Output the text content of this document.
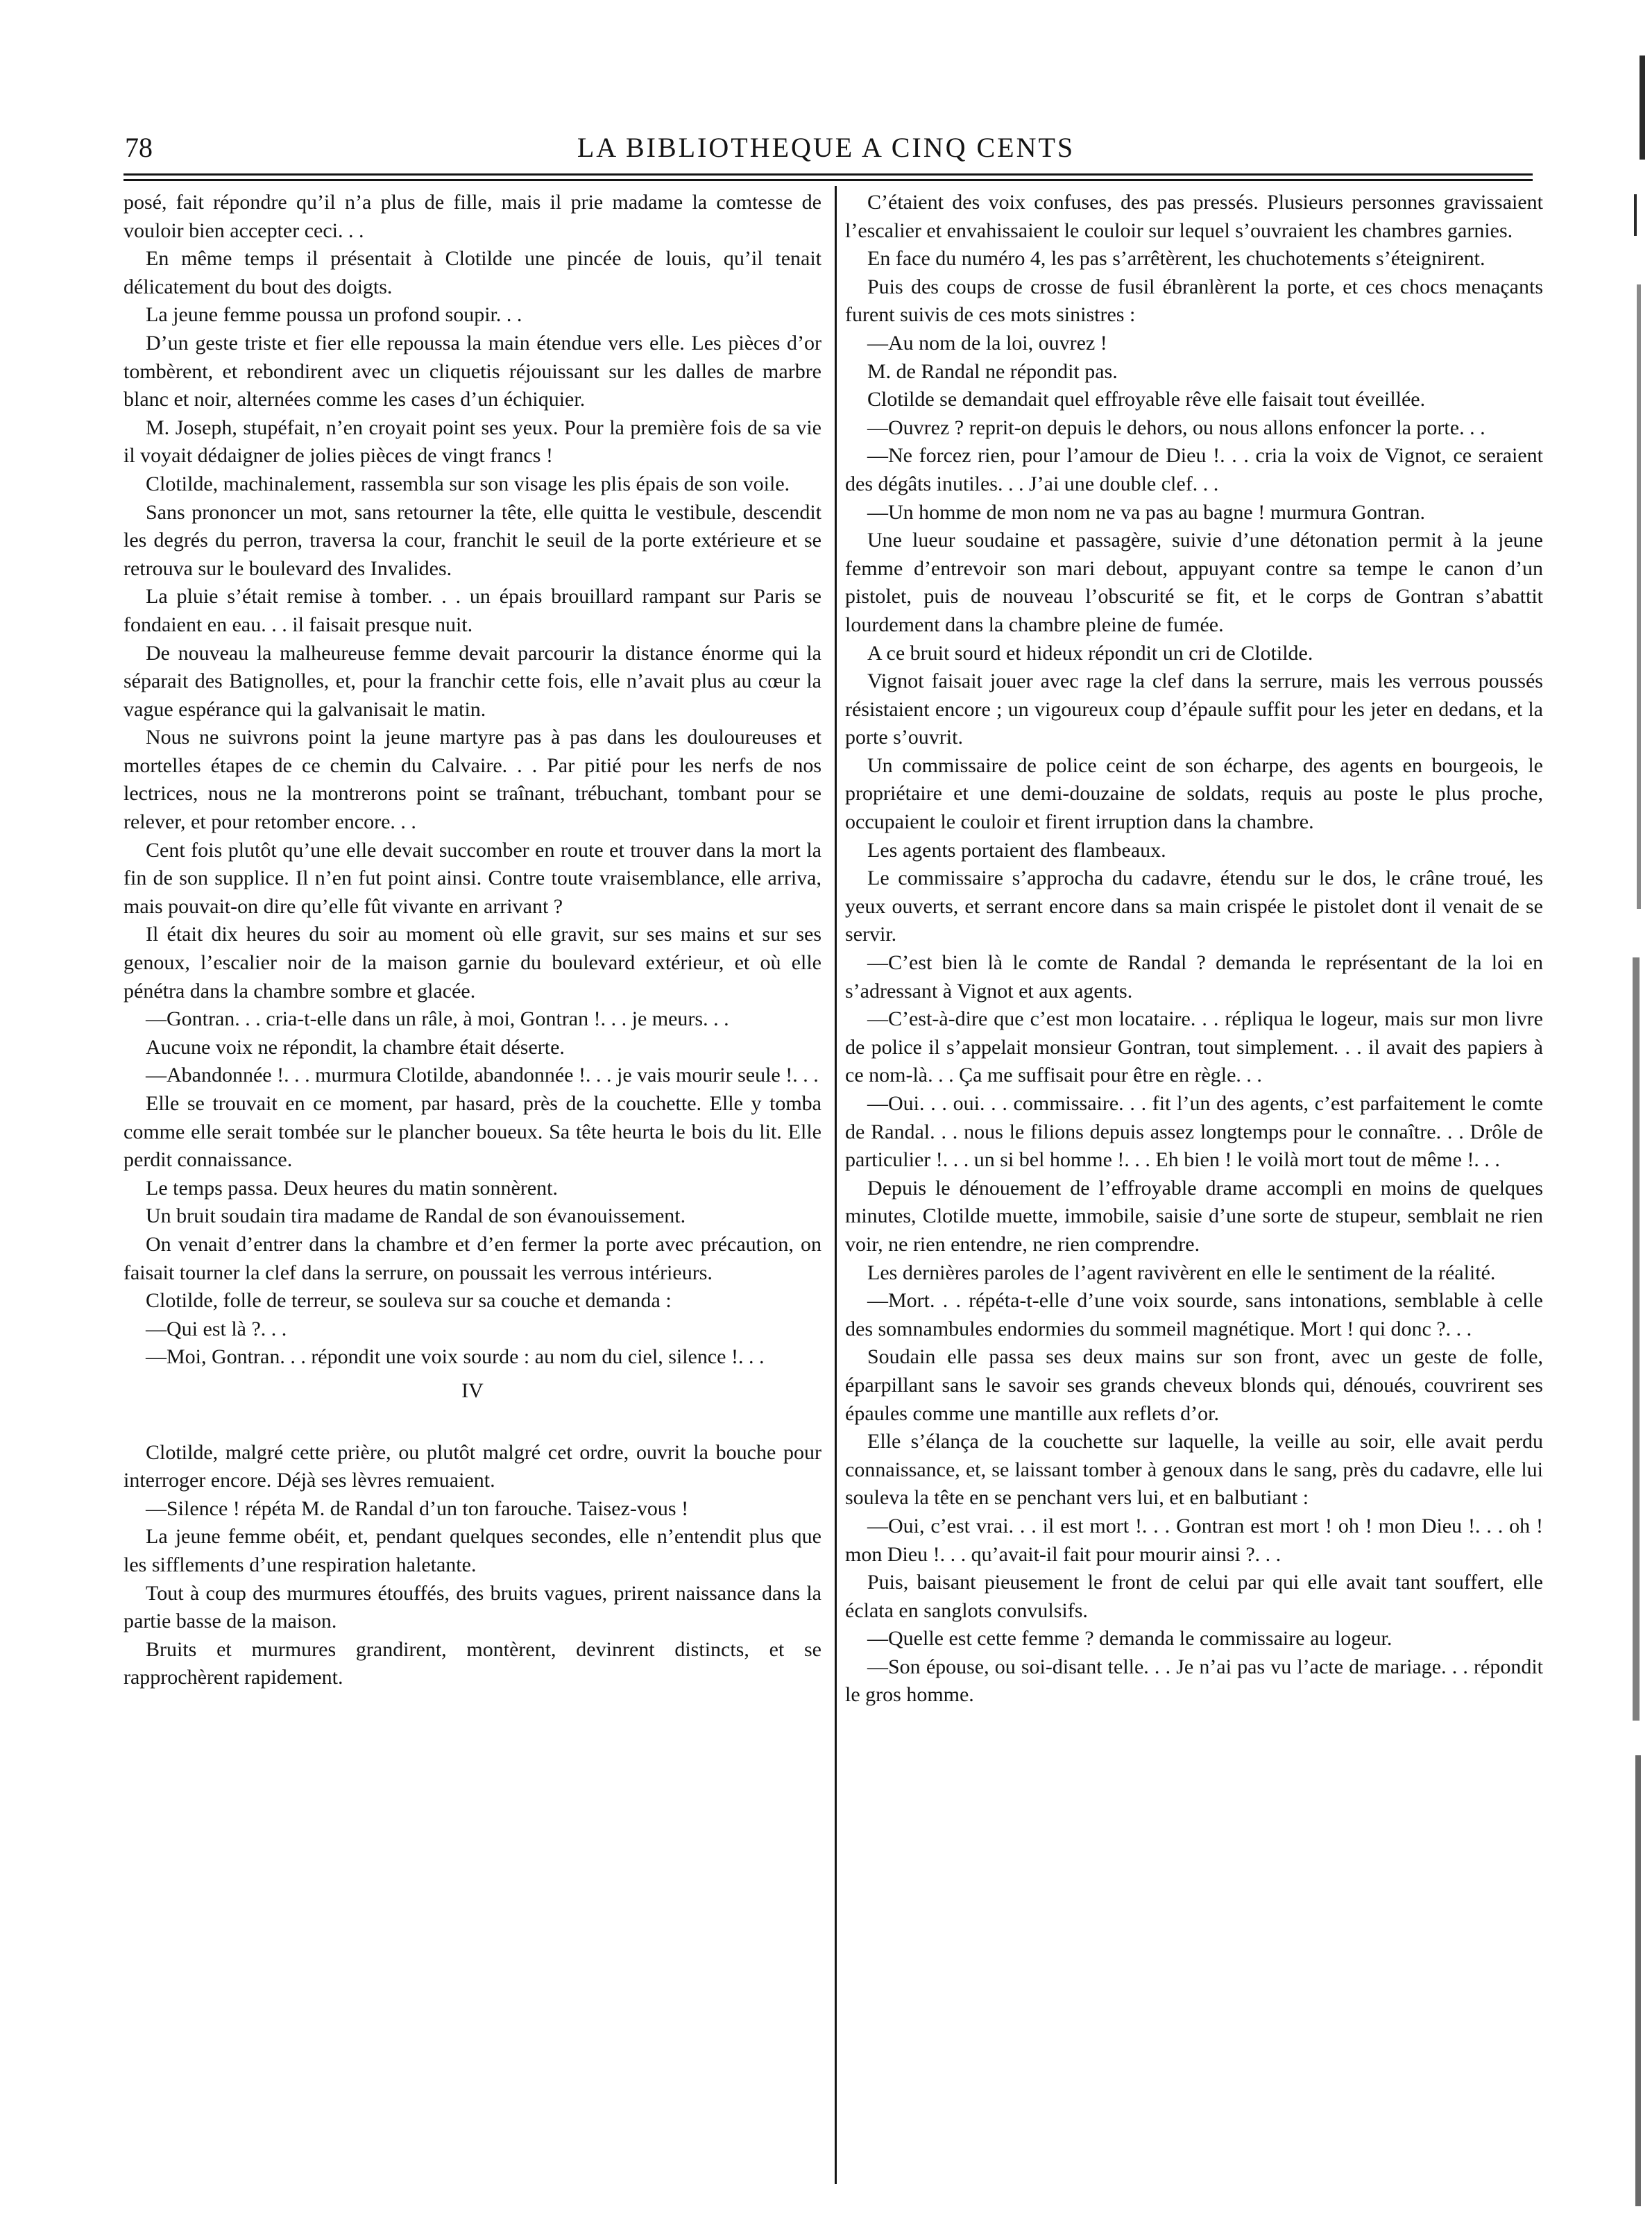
78	LA BIBLIOTHEQUE A CINQ CENTS

posé, fait répondre qu’il n’a plus de fille, mais il prie madame la comtesse de vouloir bien accepter ceci. . .

En même temps il présentait à Clotilde une pincée de louis, qu’il tenait délicatement du bout des doigts.

La jeune femme poussa un profond soupir. . .

D’un geste triste et fier elle repoussa la main étendue vers elle. Les pièces d’or tombèrent, et rebondirent avec un cliquetis réjouissant sur les dalles de marbre blanc et noir, alternées comme les cases d’un échiquier.

M. Joseph, stupéfait, n’en croyait point ses yeux. Pour la première fois de sa vie il voyait dédaigner de jolies pièces de vingt francs !

Clotilde, machinalement, rassembla sur son visage les plis épais de son voile.

Sans prononcer un mot, sans retourner la tête, elle quitta le vestibule, descendit les degrés du perron, traversa la cour, franchit le seuil de la porte extérieure et se retrouva sur le boulevard des Invalides.

La pluie s’était remise à tomber. . . un épais brouillard rampant sur Paris se fondaient en eau. . . il faisait presque nuit.

De nouveau la malheureuse femme devait parcourir la distance énorme qui la séparait des Batignolles, et, pour la franchir cette fois, elle n’avait plus au cœur la vague espérance qui la galvanisait le matin.

Nous ne suivrons point la jeune martyre pas à pas dans les douloureuses et mortelles étapes de ce chemin du Calvaire. . . Par pitié pour les nerfs de nos lectrices, nous ne la montrerons point se traînant, trébuchant, tombant pour se relever, et pour retomber encore. . .

Cent fois plutôt qu’une elle devait succomber en route et trouver dans la mort la fin de son supplice. Il n’en fut point ainsi. Contre toute vraisemblance, elle arriva, mais pouvait-on dire qu’elle fût vivante en arrivant ?

Il était dix heures du soir au moment où elle gravit, sur ses mains et sur ses genoux, l’escalier noir de la maison garnie du boulevard extérieur, et où elle pénétra dans la chambre sombre et glacée.

—Gontran. . . cria-t-elle dans un râle, à moi, Gontran !. . . je meurs. . .

Aucune voix ne répondit, la chambre était déserte.

—Abandonnée !. . . murmura Clotilde, abandonnée !. . . je vais mourir seule !. . .

Elle se trouvait en ce moment, par hasard, près de la couchette. Elle y tomba comme elle serait tombée sur le plancher boueux. Sa tête heurta le bois du lit. Elle perdit connaissance.

Le temps passa. Deux heures du matin sonnèrent.

Un bruit soudain tira madame de Randal de son évanouissement.

On venait d’entrer dans la chambre et d’en fermer la porte avec précaution, on faisait tourner la clef dans la serrure, on poussait les verrous intérieurs.

Clotilde, folle de terreur, se souleva sur sa couche et demanda :

—Qui est là ?. . .

—Moi, Gontran. . . répondit une voix sourde : au nom du ciel, silence !. . .

IV

Clotilde, malgré cette prière, ou plutôt malgré cet ordre, ouvrit la bouche pour interroger encore. Déjà ses lèvres remuaient.

—Silence ! répéta M. de Randal d’un ton farouche. Taisez-vous !

La jeune femme obéit, et, pendant quelques secondes, elle n’entendit plus que les sifflements d’une respiration haletante.

Tout à coup des murmures étouffés, des bruits vagues, prirent naissance dans la partie basse de la maison.

Bruits et murmures grandirent, montèrent, devinrent distincts, et se rapprochèrent rapidement.

C’étaient des voix confuses, des pas pressés. Plusieurs personnes gravissaient l’escalier et envahissaient le couloir sur lequel s’ouvraient les chambres garnies.

En face du numéro 4, les pas s’arrêtèrent, les chuchotements s’éteignirent.

Puis des coups de crosse de fusil ébranlèrent la porte, et ces chocs menaçants furent suivis de ces mots sinistres :

—Au nom de la loi, ouvrez !

M. de Randal ne répondit pas.

Clotilde se demandait quel effroyable rêve elle faisait tout éveillée.

—Ouvrez ? reprit-on depuis le dehors, ou nous allons enfoncer la porte. . .

—Ne forcez rien, pour l’amour de Dieu !. . . cria la voix de Vignot, ce seraient des dégâts inutiles. . . J’ai une double clef. . .

—Un homme de mon nom ne va pas au bagne ! murmura Gontran.

Une lueur soudaine et passagère, suivie d’une détonation permit à la jeune femme d’entrevoir son mari debout, appuyant contre sa tempe le canon d’un pistolet, puis de nouveau l’obscurité se fit, et le corps de Gontran s’abattit lourdement dans la chambre pleine de fumée.

A ce bruit sourd et hideux répondit un cri de Clotilde.

Vignot faisait jouer avec rage la clef dans la serrure, mais les verrous poussés résistaient encore ; un vigoureux coup d’épaule suffit pour les jeter en dedans, et la porte s’ouvrit.

Un commissaire de police ceint de son écharpe, des agents en bourgeois, le propriétaire et une demi-douzaine de soldats, requis au poste le plus proche, occupaient le couloir et firent irruption dans la chambre.

Les agents portaient des flambeaux.

Le commissaire s’approcha du cadavre, étendu sur le dos, le crâne troué, les yeux ouverts, et serrant encore dans sa main crispée le pistolet dont il venait de se servir.

—C’est bien là le comte de Randal ? demanda le représentant de la loi en s’adressant à Vignot et aux agents.

—C’est-à-dire que c’est mon locataire. . . répliqua le logeur, mais sur mon livre de police il s’appelait monsieur Gontran, tout simplement. . . il avait des papiers à ce nom-là. . . Ça me suffisait pour être en règle. . .

—Oui. . . oui. . . commissaire. . . fit l’un des agents, c’est parfaitement le comte de Randal. . . nous le filions depuis assez longtemps pour le connaître. . . Drôle de particulier !. . . un si bel homme !. . . Eh bien ! le voilà mort tout de même !. . .

Depuis le dénouement de l’effroyable drame accompli en moins de quelques minutes, Clotilde muette, immobile, saisie d’une sorte de stupeur, semblait ne rien voir, ne rien entendre, ne rien comprendre.

Les dernières paroles de l’agent ravivèrent en elle le sentiment de la réalité.

—Mort. . . répéta-t-elle d’une voix sourde, sans intonations, semblable à celle des somnambules endormies du sommeil magnétique. Mort ! qui donc ?. . .

Soudain elle passa ses deux mains sur son front, avec un geste de folle, éparpillant sans le savoir ses grands cheveux blonds qui, dénoués, couvrirent ses épaules comme une mantille aux reflets d’or.

Elle s’élança de la couchette sur laquelle, la veille au soir, elle avait perdu connaissance, et, se laissant tomber à genoux dans le sang, près du cadavre, elle lui souleva la tête en se penchant vers lui, et en balbutiant :

—Oui, c’est vrai. . . il est mort !. . . Gontran est mort ! oh ! mon Dieu !. . . oh ! mon Dieu !. . . qu’avait-il fait pour mourir ainsi ?. . .

Puis, baisant pieusement le front de celui par qui elle avait tant souffert, elle éclata en sanglots convulsifs.

—Quelle est cette femme ? demanda le commissaire au logeur.

—Son épouse, ou soi-disant telle. . . Je n’ai pas vu l’acte de mariage. . . répondit le gros homme.
